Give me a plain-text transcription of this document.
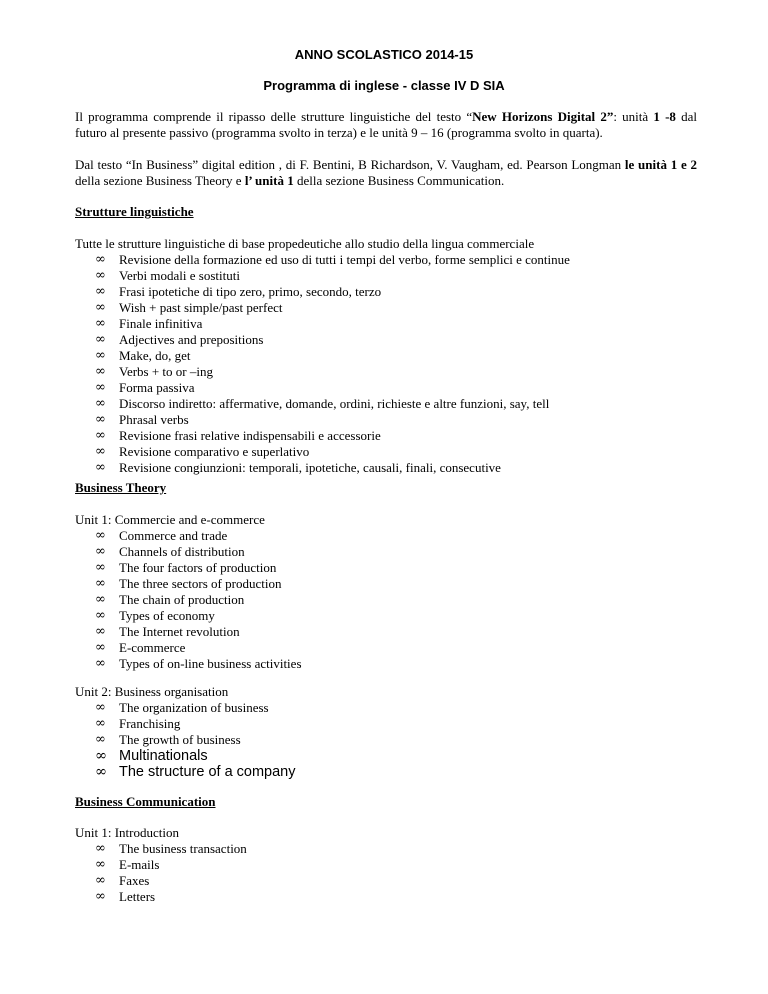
ANNO SCOLASTICO 2014-15
Programma di inglese - classe IV D SIA
Il programma comprende il ripasso delle strutture linguistiche del testo “New Horizons Digital 2”: unità 1 -8 dal futuro al presente passivo (programma svolto in terza) e le unità 9 – 16 (programma svolto in quarta).
Dal testo “In Business” digital edition , di F. Bentini, B Richardson, V. Vaugham, ed. Pearson Longman le unità 1 e 2 della sezione Business Theory e l’ unità 1 della sezione Business Communication.
Strutture linguistiche
Tutte le strutture linguistiche di base propedeutiche allo studio della lingua commerciale
∞	Revisione della formazione ed uso di tutti i tempi del verbo, forme semplici e continue
∞	Verbi modali e sostituti
∞	Frasi ipotetiche di tipo zero, primo, secondo, terzo
∞	Wish + past simple/past perfect
∞	Finale infinitiva
∞	Adjectives and prepositions
∞	Make, do, get
∞	Verbs + to or –ing
∞	Forma passiva
∞	Discorso indiretto: affermative, domande, ordini, richieste e altre funzioni, say, tell
∞	Phrasal verbs
∞	Revisione frasi relative indispensabili e accessorie
∞	Revisione comparativo e superlativo
∞	Revisione congiunzioni: temporali, ipotetiche, causali, finali, consecutive
Business Theory
Unit 1: Commercie and e-commerce
∞	Commerce and trade
∞	Channels of distribution
∞	The four factors of production
∞	The three sectors of production
∞	The chain of production
∞	Types of economy
∞	The Internet revolution
∞	E-commerce
∞	Types of on-line business activities
Unit 2: Business organisation
∞	The organization of business
∞	Franchising
∞	The growth of business
∞ Multinationals
∞ The structure of a company
Business Communication
Unit 1: Introduction
∞	The business transaction
∞	E-mails
∞	Faxes
∞	Letters
